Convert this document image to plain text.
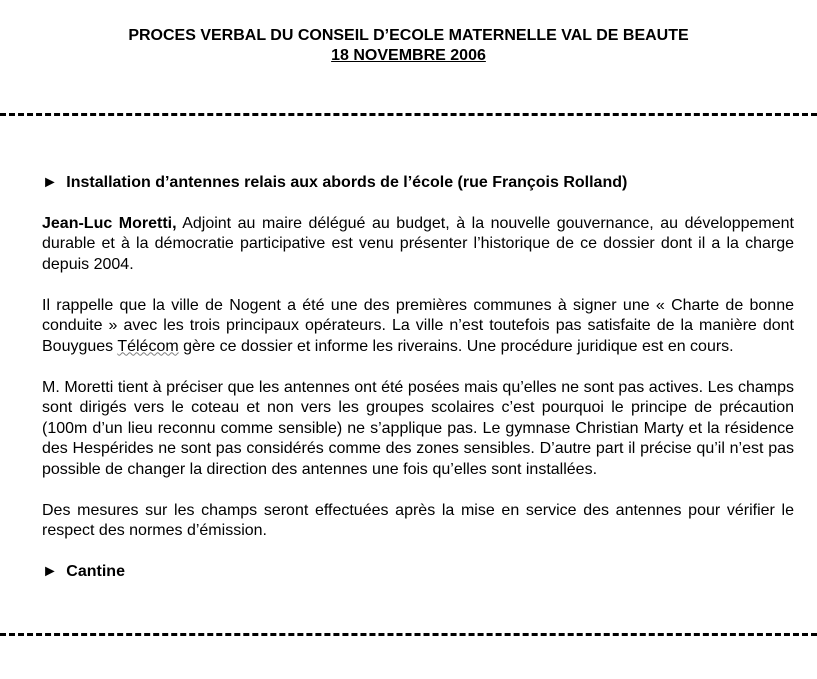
PROCES VERBAL DU CONSEIL D’ECOLE MATERNELLE VAL DE BEAUTE
18 NOVEMBRE 2006
► Installation d’antennes relais aux abords de l’école (rue François Rolland)

Jean-Luc Moretti, Adjoint au maire délégué au budget, à la nouvelle gouvernance, au développement durable et à la démocratie participative est venu présenter l’historique de ce dossier dont il a la charge depuis 2004.

Il rappelle que la ville de Nogent a été une des premières communes à signer une « Charte de bonne conduite » avec les trois principaux opérateurs. La ville n’est toutefois pas satisfaite de la manière dont Bouygues Télécom gère ce dossier et informe les riverains. Une procédure juridique est en cours.

M. Moretti tient à préciser que les antennes ont été posées mais qu’elles ne sont pas actives. Les champs sont dirigés vers le coteau et non vers les groupes scolaires c’est pourquoi le principe de précaution (100m d’un lieu reconnu comme sensible) ne s’applique pas. Le gymnase Christian Marty et la résidence des Hespérides ne sont pas considérés comme des zones sensibles. D’autre part il précise qu’il n’est pas possible de changer la direction des antennes une fois qu’elles sont installées.

Des mesures sur les champs seront effectuées après la mise en service des antennes pour vérifier le respect des normes d’émission.

► Cantine
